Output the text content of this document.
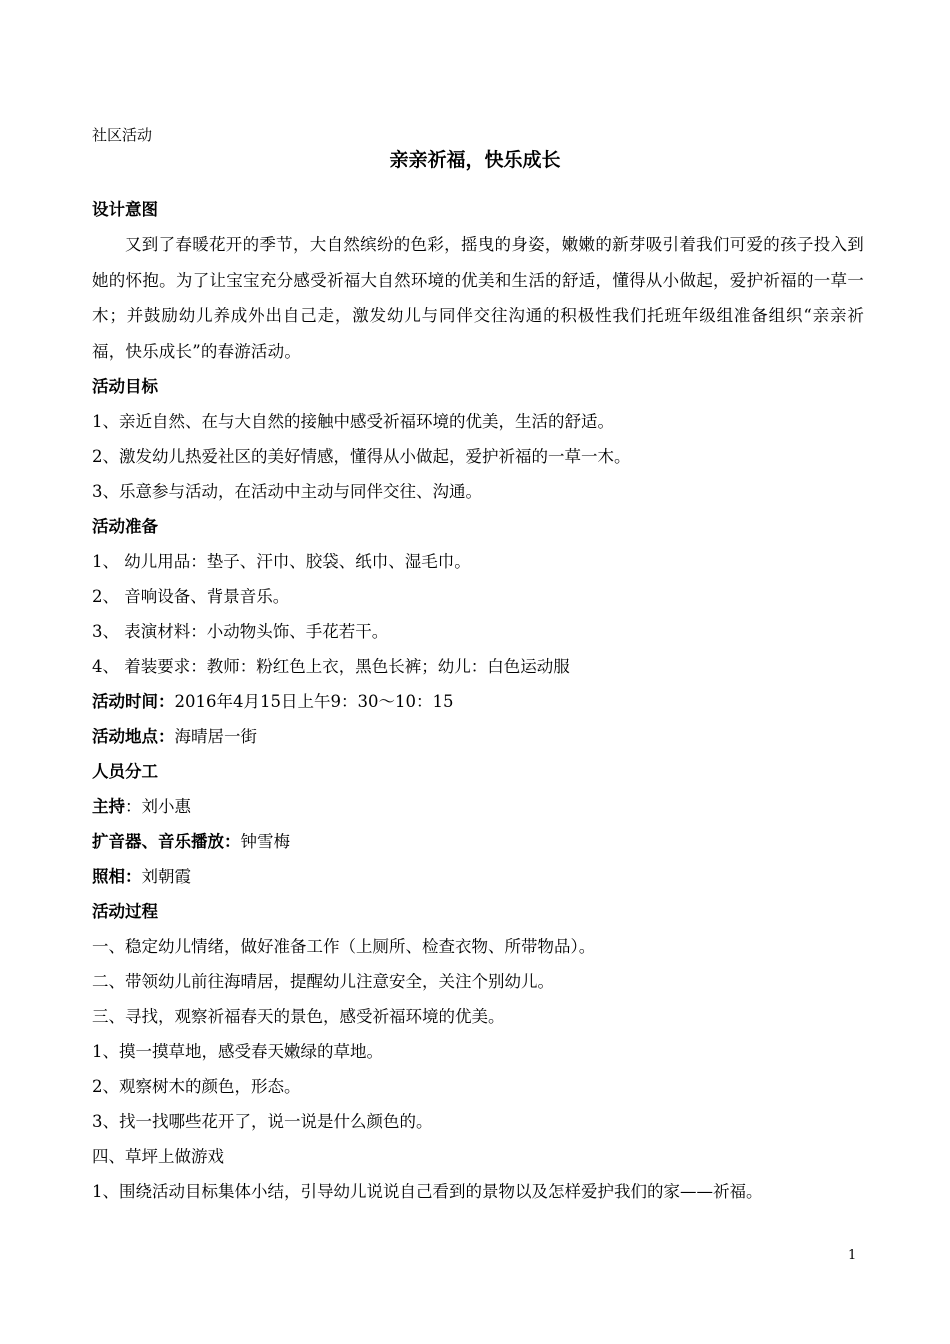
社区活动
亲亲祈福，快乐成长
设计意图
又到了春暖花开的季节，大自然缤纷的色彩，摇曳的身姿，嫩嫩的新芽吸引着我们可爱的孩子投入到她的怀抱。为了让宝宝充分感受祈福大自然环境的优美和生活的舒适，懂得从小做起，爱护祈福的一草一木；并鼓励幼儿养成外出自己走，激发幼儿与同伴交往沟通的积极性我们托班年级组准备组织“亲亲祈福，快乐成长”的春游活动。
活动目标
1、亲近自然、在与大自然的接触中感受祈福环境的优美，生活的舒适。
2、激发幼儿热爱社区的美好情感，懂得从小做起，爱护祈福的一草一木。
3、乐意参与活动，在活动中主动与同伴交往、沟通。
活动准备
1、 幼儿用品：垫子、汗巾、胶袋、纸巾、湿毛巾。
2、 音响设备、背景音乐。
3、 表演材料：小动物头饰、手花若干。
4、 着装要求：教师：粉红色上衣，黑色长裤；幼儿：白色运动服
活动时间：2016年4月15日上午9：30～10：15
活动地点：海晴居一街
人员分工
主持：刘小惠
扩音器、音乐播放：钟雪梅
照相：刘朝霞
活动过程
一、稳定幼儿情绪，做好准备工作（上厕所、检查衣物、所带物品）。
二、带领幼儿前往海晴居，提醒幼儿注意安全，关注个别幼儿。
三、寻找，观察祈福春天的景色，感受祈福环境的优美。
1、摸一摸草地，感受春天嫩绿的草地。
2、观察树木的颜色，形态。
3、找一找哪些花开了，说一说是什么颜色的。
四、草坪上做游戏
1、围绕活动目标集体小结，引导幼儿说说自己看到的景物以及怎样爱护我们的家——祈福。
1
